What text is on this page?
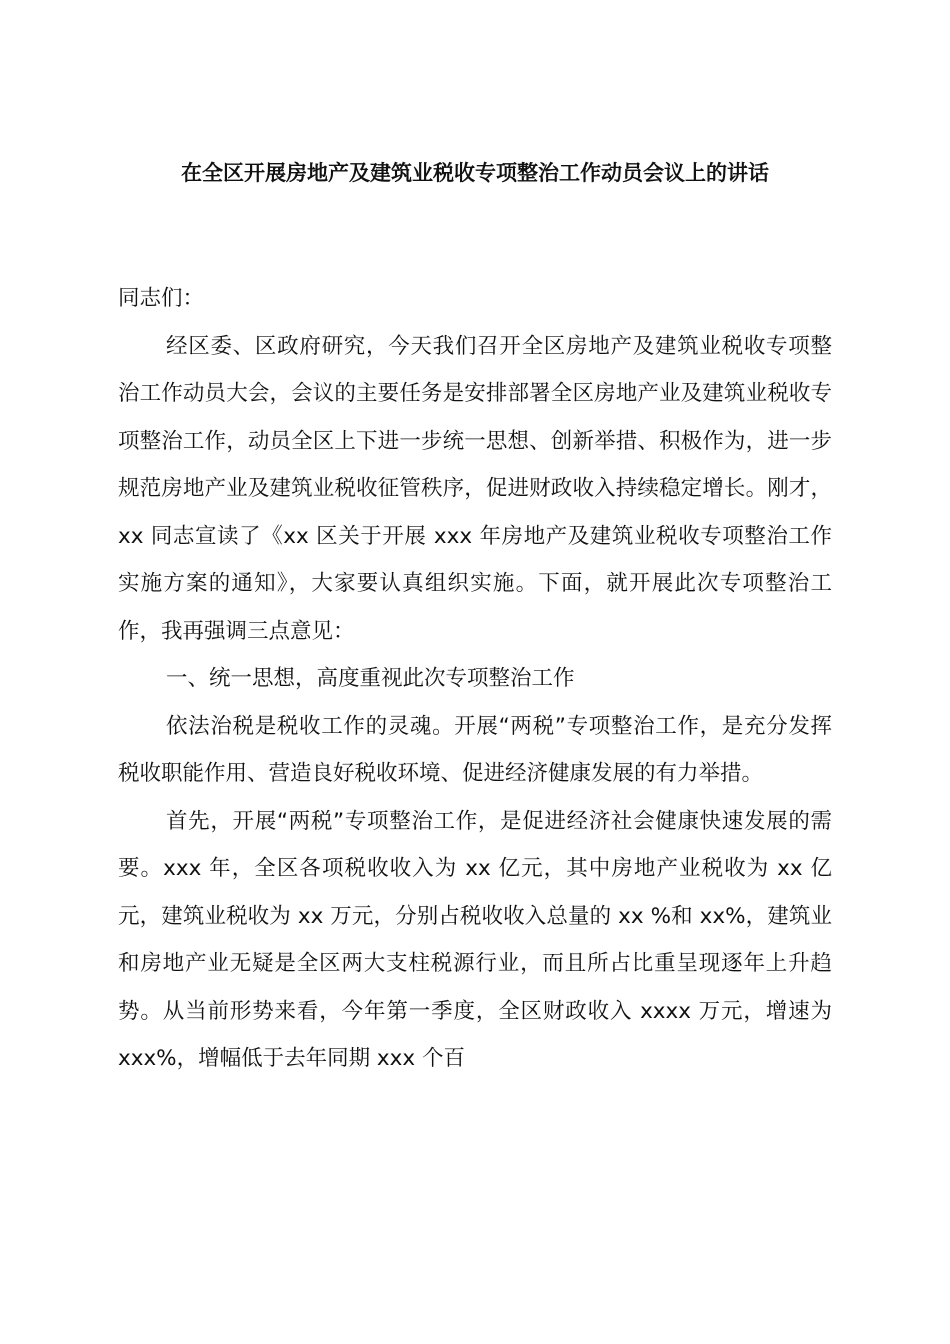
在全区开展房地产及建筑业税收专项整治工作动员会议上的讲话

同志们：

经区委、区政府研究，今天我们召开全区房地产及建筑业税收专项整治工作动员大会，会议的主要任务是安排部署全区房地产业及建筑业税收专项整治工作，动员全区上下进一步统一思想、创新举措、积极作为，进一步规范房地产业及建筑业税收征管秩序，促进财政收入持续稳定增长。刚才，xx 同志宣读了《xx 区关于开展 xxx 年房地产及建筑业税收专项整治工作实施方案的通知》，大家要认真组织实施。下面，就开展此次专项整治工作，我再强调三点意见：

一、统一思想，高度重视此次专项整治工作

依法治税是税收工作的灵魂。开展“两税”专项整治工作，是充分发挥税收职能作用、营造良好税收环境、促进经济健康发展的有力举措。

首先，开展“两税”专项整治工作，是促进经济社会健康快速发展的需要。xxx 年，全区各项税收收入为 xx 亿元，其中房地产业税收为 xx 亿元，建筑业税收为 xx 万元，分别占税收收入总量的 xx %和 xx%，建筑业和房地产业无疑是全区两大支柱税源行业，而且所占比重呈现逐年上升趋势。从当前形势来看，今年第一季度，全区财政收入 xxxx 万元，增速为 xxx%，增幅低于去年同期 xxx 个百
